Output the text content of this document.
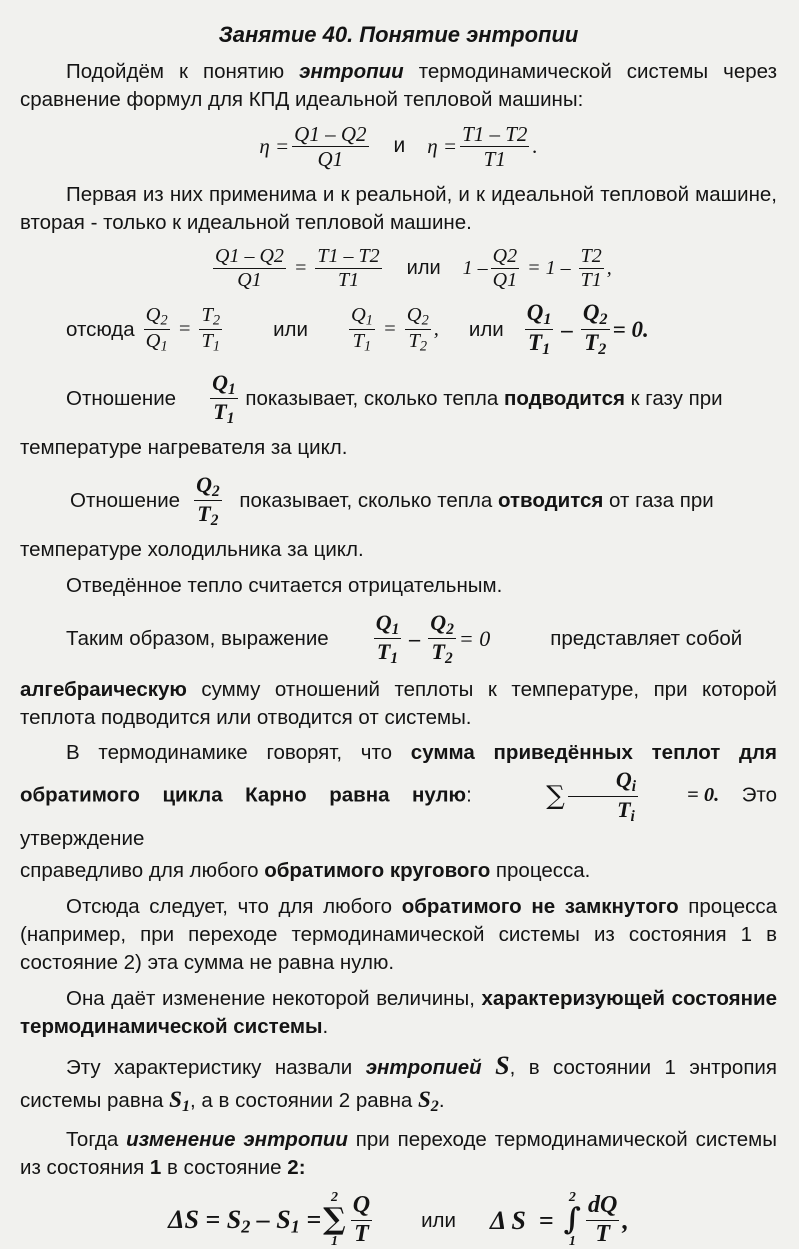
Занятие 40. Понятие энтропии

Подойдём к понятию энтропии термодинамической системы через сравнение формул для КПД идеальной тепловой машины:

$\eta = \frac{Q1 - Q2}{Q1}$ и $\eta = \frac{T1 - T2}{T1}$ .

Первая из них применима и к реальной, и к идеальной тепловой машине, вторая - только к идеальной тепловой машине.

$\frac{Q1 - Q2}{Q1} = \frac{T1 - T2}{T1}$ или $1 - \frac{Q2}{Q1} = 1 - \frac{T2}{T1}$ ,
отсюда $\frac{Q_2}{Q_1} = \frac{T_2}{T_1}$ или $\frac{Q_1}{T_1} = \frac{Q_2}{T_2}$ , или $\frac{Q_1}{T_1} - \frac{Q_2}{T_2} = 0$.
Отношение $\frac{Q_1}{T_1}$ показывает, сколько тепла подводится к газу при

температуре нагревателя за цикл.

Отношение $\frac{Q_2}{T_2}$ показывает, сколько тепла отводится от газа при

температуре холодильника за цикл.

Отведённое тепло считается отрицательным.

Таким образом, выражение $\frac{Q_1}{T_1} - \frac{Q_2}{T_2} = 0$	представляет собой

алгебраическую сумму отношений теплоты к температуре, при которой теплота подводится или отводится от системы.

В термодинамике говорят, что сумма приведённых теплот для обратимого цикла Карно равна нулю:	∑ $\frac{Q_i}{T_i}$	= 0. Это утверждение

справедливо для любого обратимого кругового процесса.

Отсюда следует, что для любого обратимого не замкнутого процесса (например, при переходе термодинамической системы из состояния 1 в состояние 2) эта сумма не равна нулю.

Она даёт изменение некоторой величины, характеризующей состояние термодинамической системы.

Эту характеристику назвали энтропией S, в состоянии 1 энтропия системы равна $S_1$, а в состоянии 2 равна $S_2$.

Тогда изменение энтропии при переходе термодинамической системы из состояния 1 в состояние 2:

$\Delta S = S_2 - S_1$ =
2
∑
$1 \frac{Q}{T}$ или Δ S  =
2
∫
$1 \frac{dQ}{T}$ ,
